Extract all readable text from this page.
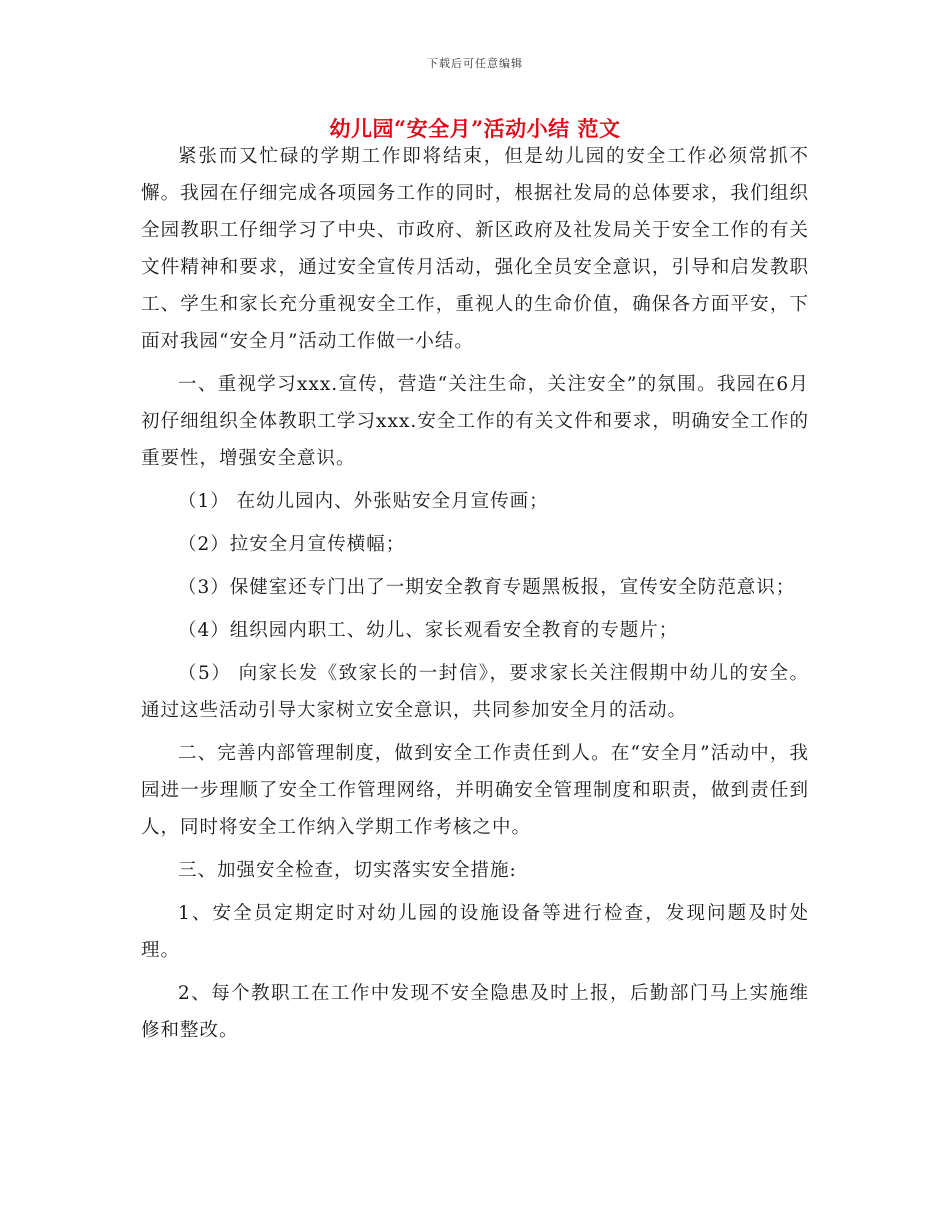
下载后可任意编辑
幼儿园“安全月”活动小结 范文

紧张而又忙碌的学期工作即将结束，但是幼儿园的安全工作必须常抓不懈。我园在仔细完成各项园务工作的同时，根据社发局的总体要求，我们组织全园教职工仔细学习了中央、市政府、新区政府及社发局关于安全工作的有关文件精神和要求，通过安全宣传月活动，强化全员安全意识，引导和启发教职工、学生和家长充分重视安全工作，重视人的生命价值，确保各方面平安，下面对我园“安全月”活动工作做一小结。

一、重视学习xxx.宣传，营造“关注生命，关注安全”的氛围。我园在6月初仔细组织全体教职工学习xxx.安全工作的有关文件和要求，明确安全工作的重要性，增强安全意识。

（1） 在幼儿园内、外张贴安全月宣传画；

（2）拉安全月宣传横幅；

（3）保健室还专门出了一期安全教育专题黑板报，宣传安全防范意识；

（4）组织园内职工、幼儿、家长观看安全教育的专题片；

（5） 向家长发《致家长的一封信》，要求家长关注假期中幼儿的安全。通过这些活动引导大家树立安全意识，共同参加安全月的活动。

二、完善内部管理制度，做到安全工作责任到人。在“安全月”活动中，我园进一步理顺了安全工作管理网络，并明确安全管理制度和职责，做到责任到人，同时将安全工作纳入学期工作考核之中。

三、加强安全检查，切实落实安全措施:

1、安全员定期定时对幼儿园的设施设备等进行检查，发现问题及时处理。

2、每个教职工在工作中发现不安全隐患及时上报，后勤部门马上实施维修和整改。
